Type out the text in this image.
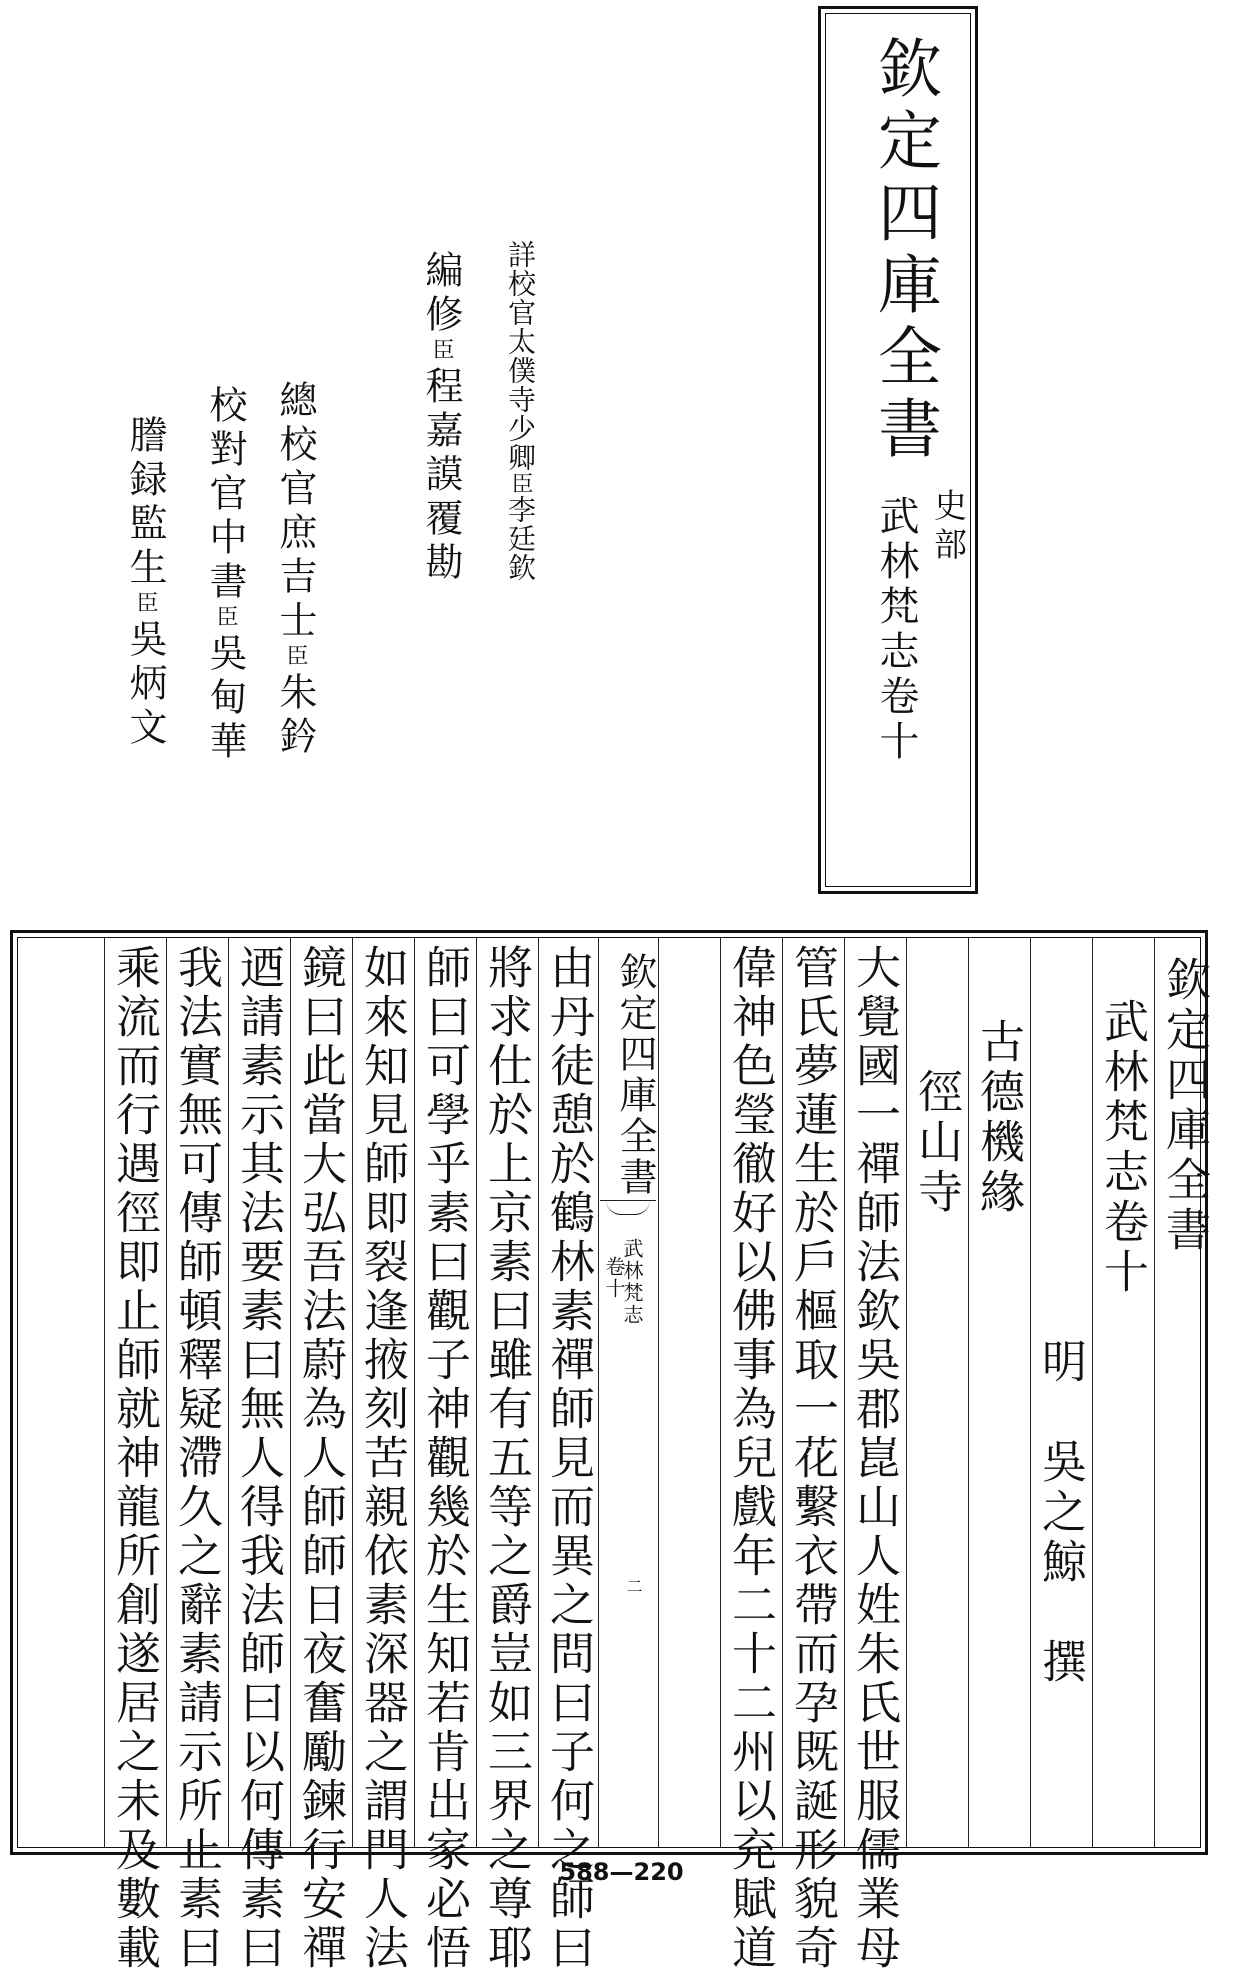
欽定四庫全書
史部
武林梵志卷十
詳校官太僕寺少卿臣李廷欽
編修臣程嘉謨覆勘
總校官庶吉士臣朱鈐
校對官中書臣吳甸華
謄録監生臣吳炳文
欽定四庫全書
武林梵志卷十
明　吳之鯨　撰
古德機緣
徑山寺
大覺國一禪師法欽吳郡崑山人姓朱氏世服儒業母
管氏夢蓮生於戶樞取一花繫衣帶而孕既誕形貌奇
偉神色瑩徹好以佛事為兒戲年二十二州以充賦道
欽定四庫全書
武林梵志
卷十
二
由丹徒憩於鶴林素禪師見而異之問曰子何之師曰
將求仕於上京素曰雖有五等之爵豈如三界之尊耶
師曰可學乎素曰觀子神觀幾於生知若肯出家必悟
如來知見師即裂逢掖刻苦親依素深器之謂門人法
鏡曰此當大弘吾法蔚為人師師日夜奮勵鍊行安禪
迺請素示其法要素曰無人得我法師曰以何傳素曰
我法實無可傳師頓釋疑滯久之辭素請示所止素曰
乘流而行遇徑即止師就神龍所創遂居之未及數載	588—220
